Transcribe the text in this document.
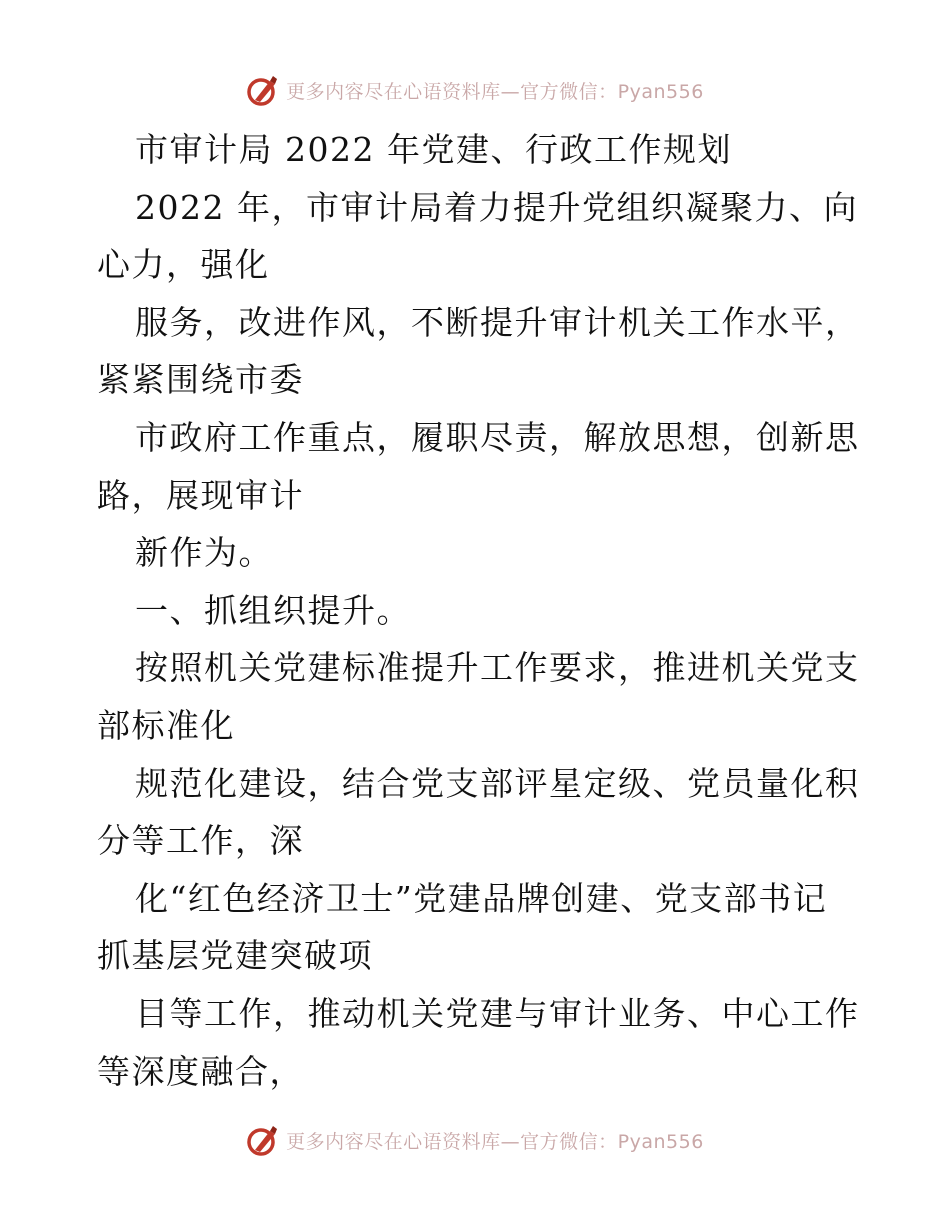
更多内容尽在心语资料库—官方微信：Pyan556
市审计局 2022 年党建、行政工作规划
2022 年，市审计局着力提升党组织凝聚力、向
心力，强化
服务，改进作风，不断提升审计机关工作水平，
紧紧围绕市委
市政府工作重点，履职尽责，解放思想，创新思
路，展现审计
新作为。
一、抓组织提升。
按照机关党建标准提升工作要求，推进机关党支
部标准化
规范化建设，结合党支部评星定级、党员量化积
分等工作，深
化“红色经济卫士”党建品牌创建、党支部书记
抓基层党建突破项
目等工作，推动机关党建与审计业务、中心工作
等深度融合，
更多内容尽在心语资料库—官方微信：Pyan556
